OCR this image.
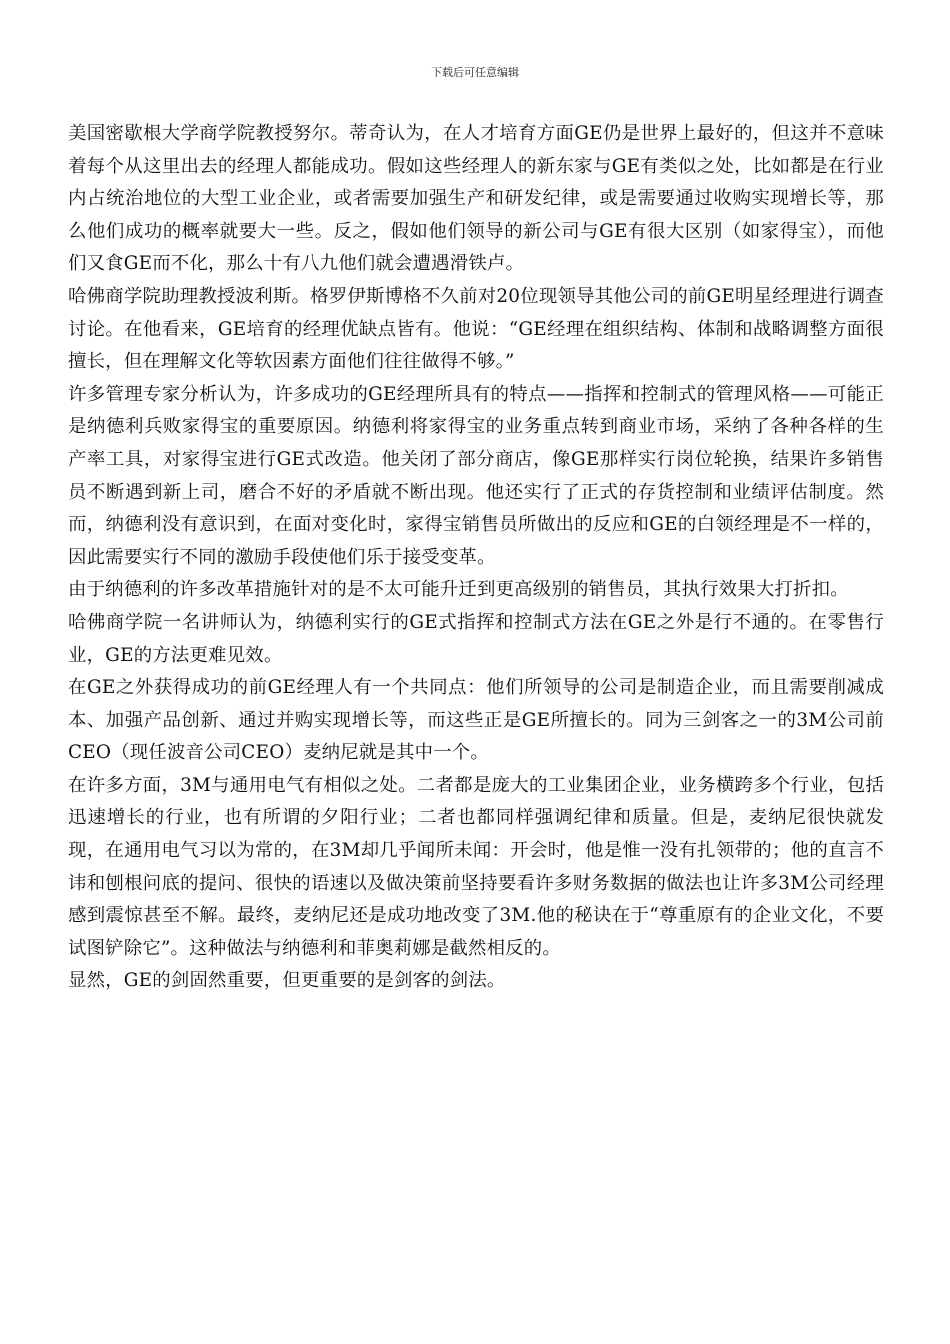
下载后可任意编辑

美国密歇根大学商学院教授努尔。蒂奇认为，在人才培育方面GE仍是世界上最好的，但这并不意味着每个从这里出去的经理人都能成功。假如这些经理人的新东家与GE有类似之处，比如都是在行业内占统治地位的大型工业企业，或者需要加强生产和研发纪律，或是需要通过收购实现增长等，那么他们成功的概率就要大一些。反之，假如他们领导的新公司与GE有很大区别（如家得宝），而他们又食GE而不化，那么十有八九他们就会遭遇滑铁卢。

哈佛商学院助理教授波利斯。格罗伊斯博格不久前对20位现领导其他公司的前GE明星经理进行调查讨论。在他看来，GE培育的经理优缺点皆有。他说：“GE经理在组织结构、体制和战略调整方面很擅长，但在理解文化等软因素方面他们往往做得不够。”

许多管理专家分析认为，许多成功的GE经理所具有的特点——指挥和控制式的管理风格——可能正是纳德利兵败家得宝的重要原因。纳德利将家得宝的业务重点转到商业市场，采纳了各种各样的生产率工具，对家得宝进行GE式改造。他关闭了部分商店，像GE那样实行岗位轮换，结果许多销售员不断遇到新上司，磨合不好的矛盾就不断出现。他还实行了正式的存货控制和业绩评估制度。然而，纳德利没有意识到，在面对变化时，家得宝销售员所做出的反应和GE的白领经理是不一样的，因此需要实行不同的激励手段使他们乐于接受变革。

由于纳德利的许多改革措施针对的是不太可能升迁到更高级别的销售员，其执行效果大打折扣。

哈佛商学院一名讲师认为，纳德利实行的GE式指挥和控制式方法在GE之外是行不通的。在零售行业，GE的方法更难见效。

在GE之外获得成功的前GE经理人有一个共同点：他们所领导的公司是制造企业，而且需要削减成本、加强产品创新、通过并购实现增长等，而这些正是GE所擅长的。同为三剑客之一的3M公司前CEO（现任波音公司CEO）麦纳尼就是其中一个。

在许多方面，3M与通用电气有相似之处。二者都是庞大的工业集团企业，业务横跨多个行业，包括迅速增长的行业，也有所谓的夕阳行业；二者也都同样强调纪律和质量。但是，麦纳尼很快就发现，在通用电气习以为常的，在3M却几乎闻所未闻：开会时，他是惟一没有扎领带的；他的直言不讳和刨根问底的提问、很快的语速以及做决策前坚持要看许多财务数据的做法也让许多3M公司经理感到震惊甚至不解。最终，麦纳尼还是成功地改变了3M.他的秘诀在于“尊重原有的企业文化，不要试图铲除它”。这种做法与纳德利和菲奥莉娜是截然相反的。

显然，GE的剑固然重要，但更重要的是剑客的剑法。
